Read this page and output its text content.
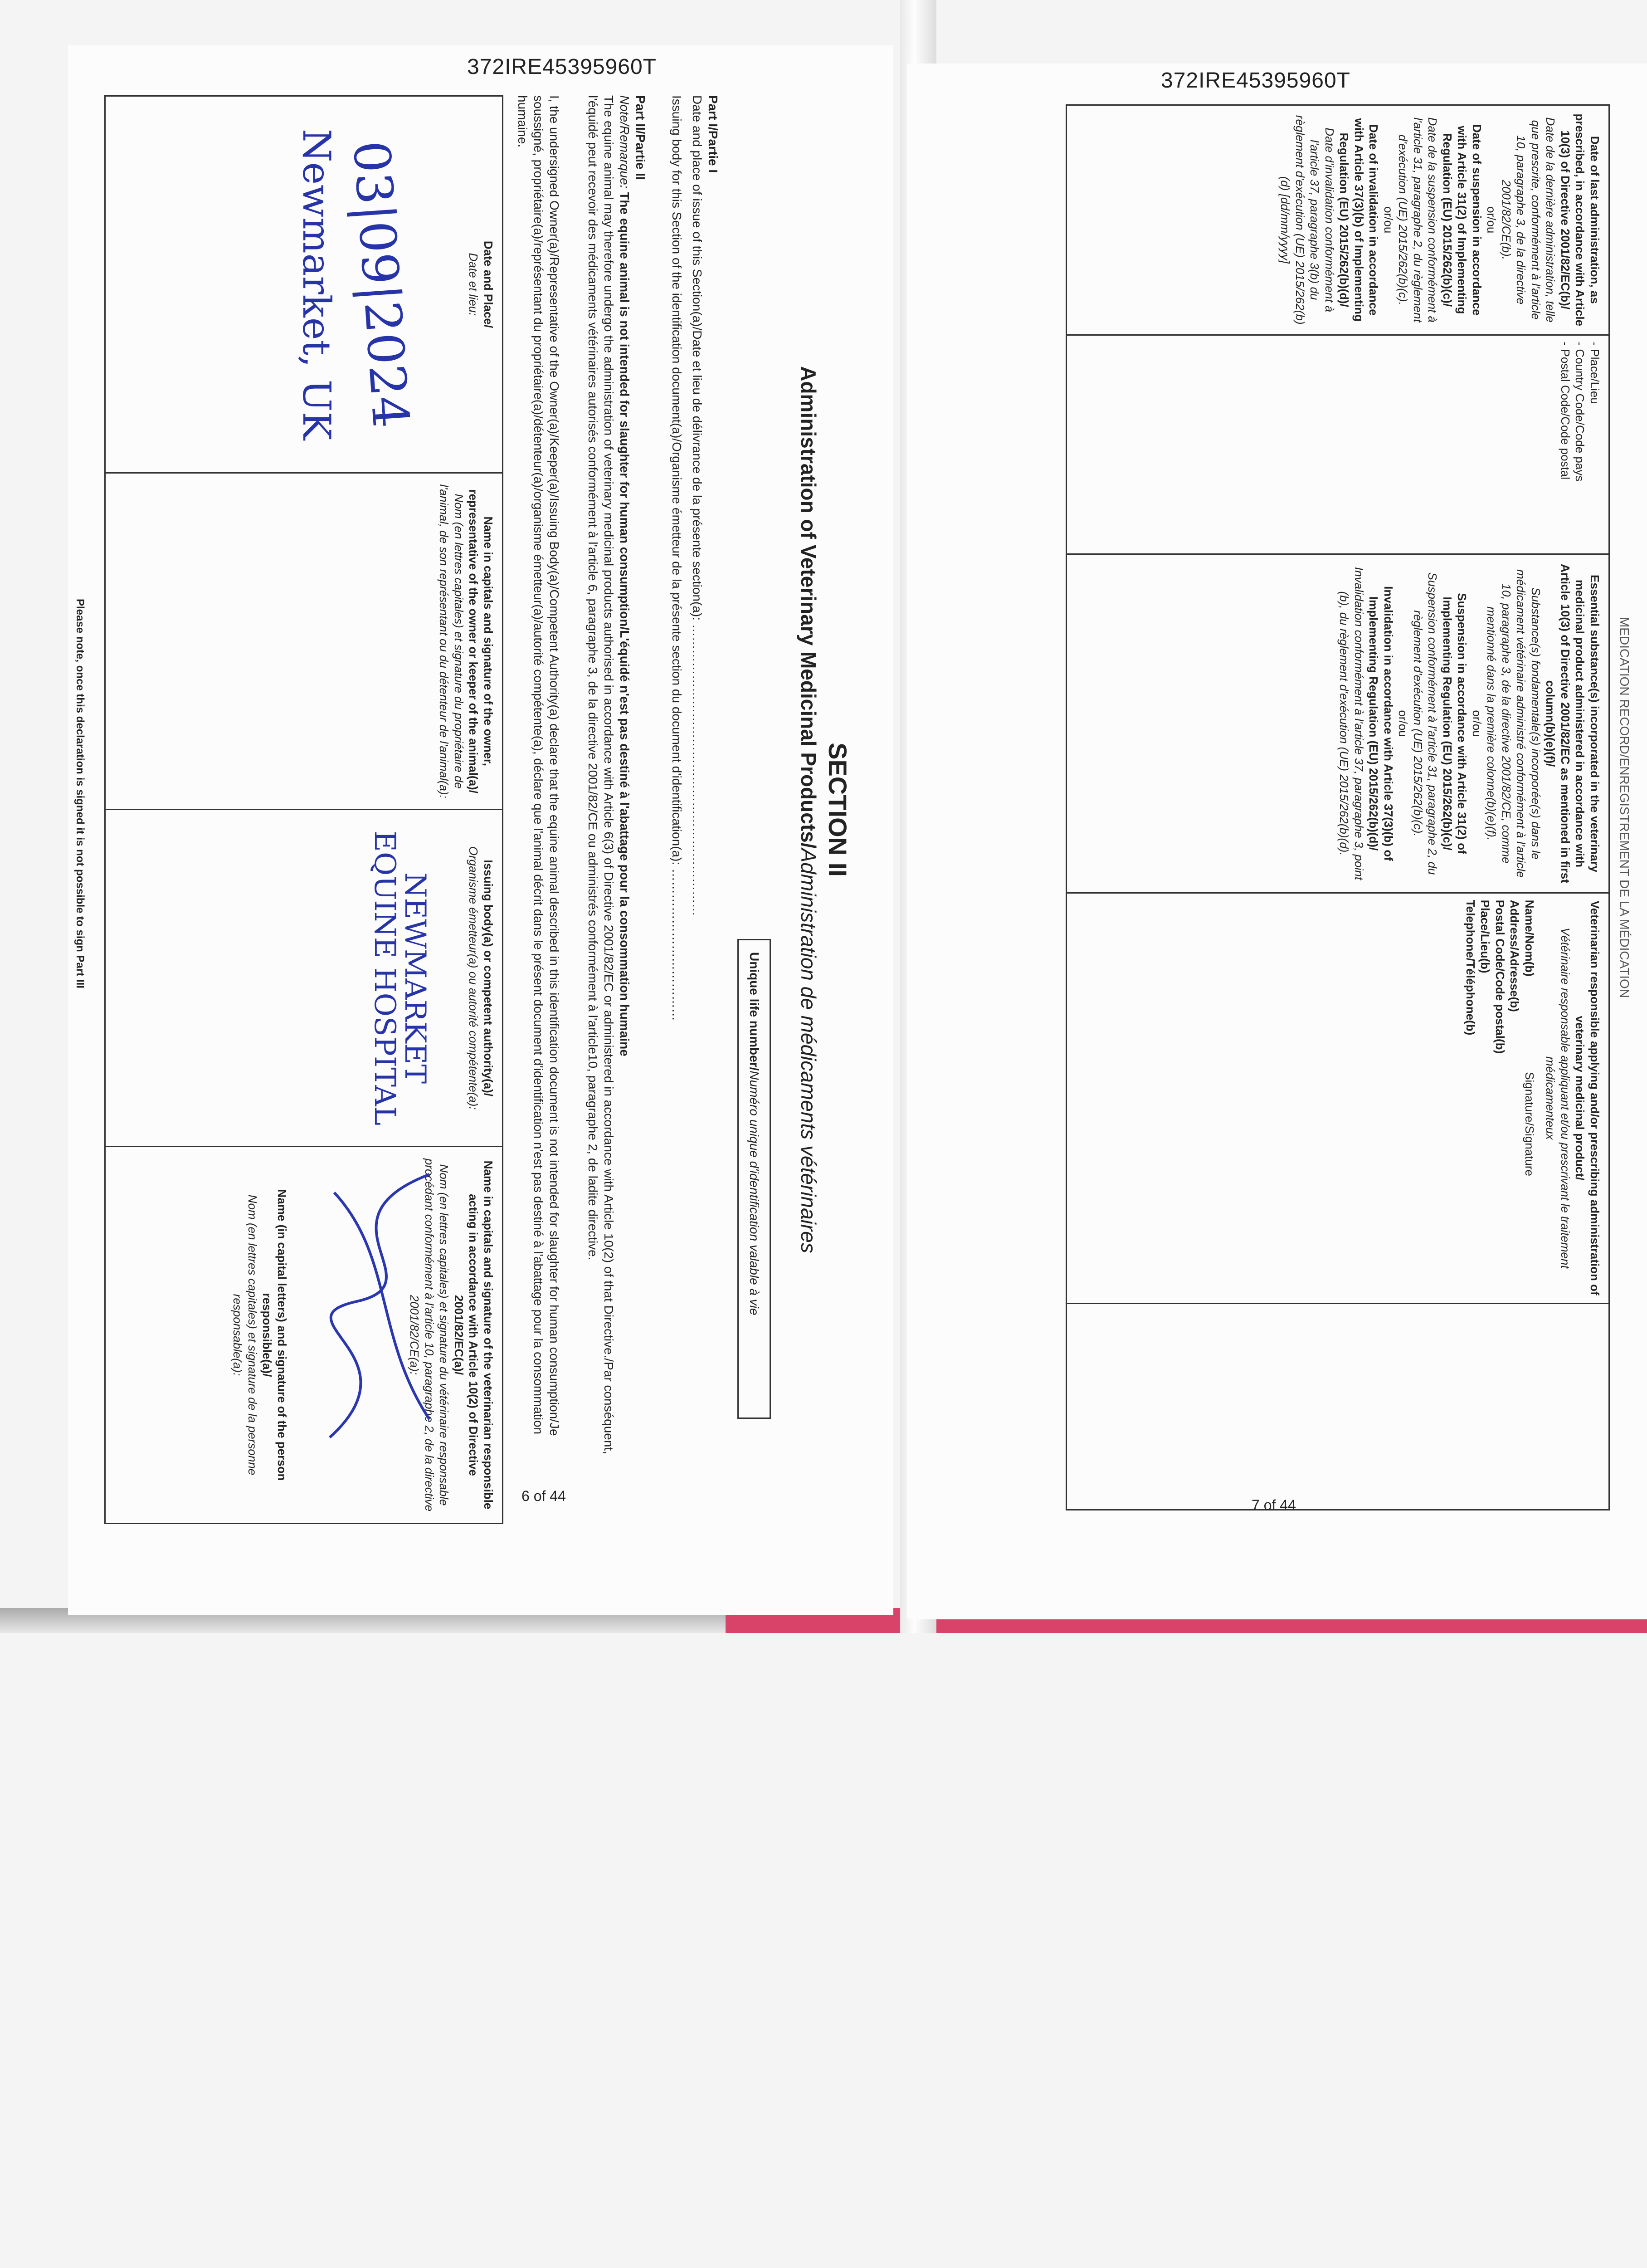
372IRE45395960T
SECTION II
Administration of Veterinary Medicinal Products/Administration de médicaments vétérinaires
Unique life number/Numéro unique d'identification valable à vie
Part I/Partie I
Date and place of issue of this Section(a)/Date et lieu de délivrance de la présente section(a): ……………………………………………………………
Issuing body for this Section of the identification document(a)/Organisme émetteur de la présente section du document d'identification(a): ………………………………
Part II/Partie II
Note/Remarque: The equine animal is not intended for slaughter for human consumption/L'équidé n'est pas destiné à l'abattage pour la consommation humaine
The equine animal may therefore undergo the administration of veterinary medicinal products authorised in accordance with Article 6(3) of Directive 2001/82/EC or administered in accordance with Article 10(2) of that Directive./Par conséquent, l'équidé peut recevoir des médicaments vétérinaires autorisés conformément à l'article 6, paragraphe 3, de la directive 2001/82/CE ou administrés conformément à l'article10, paragraphe 2, de ladite directive.
I, the undersigned Owner(a)/Representative of the Owner(a)/Keeper(a)/Issuing Body(a)/Competent Authority(a) declare that the equine animal described in this identification document is not intended for slaughter for human consumption/Je soussigné, propriétaire(a)/représentant du propriétaire(a)/détenteur(a)/organisme émetteur(a)/autorité compétente(a), déclare que l'animal décrit dans le présent document d'identification n'est pas destiné à l'abattage pour la consommation humaine.
Date and Place/
Date et lieu:
03|09|2024
Newmarket, UK

Name in capitals and signature of the owner, representative of the owner or keeper of the animal(a)/
Nom (en lettres capitales) et signature du propriétaire de l'animal, de son représentant ou du détenteur de l'animal(a):

Issuing body(a) or competent authority(a)/
Organisme émetteur(a) ou autorité compétente(a):
NEWMARKET
EQUINE HOSPITAL

Name in capitals and signature of the veterinarian responsible acting in accordance with Article 10(2) of Directive 2001/82/EC(a)/
Nom (en lettres capitales) et signature du vétérinaire responsable procédant conformément à l'article 10, paragraphe 2, de la directive 2001/82/CE(a):
Name (in capital letters) and signature of the person responsible(a)/
Nom (en lettres capitales) et signature de la personne responsable(a):
Please note, once this declaration is signed it is not possible to sign Part III
6 of 44
372IRE45395960T
MEDICATION RECORD/ENREGISTREMENT DE LA MÉDICATION
Date of last administration, as prescribed, in accordance with Article 10(3) of Directive 2001/82/EC(b)/
Date de la dernière administration, telle que prescrite, conformément à l'article 10, paragraphe 3, de la directive 2001/82/CE(b).
or/ou
Date of suspension in accordance with Article 31(2) of Implementing Regulation (EU) 2015/262(b)(c)/
Date de la suspension conformément à l'article 31, paragraphe 2, du règlement d'exécution (UE) 2015/262(b)(c).
or/ou
Date of invalidation in accordance with Article 37(3)(b) of Implementing Regulation (EU) 2015/262(b)(d)/
Date d'invalidation conformément à l'article 37, paragraphe 3(b) du règlement d'exécution (UE) 2015/262(b)(d) [dd/mm/yyyy]

- Place/Lieu
- Country Code/Code pays
- Postal Code/Code postal

Essential substance(s) incorporated in the veterinary medicinal product administered in accordance with Article 10(3) of Directive 2001/82/EC as mentioned in first column(b)(e)(f)/
Substance(s) fondamentale(s) incorporée(s) dans le médicament vétérinaire administré conformément à l'article 10, paragraphe 3, de la directive 2001/82/CE, comme mentionné dans la première colonne(b)(e)(f).
or/ou
Suspension in accordance with Article 31(2) of Implementing Regulation (EU) 2015/262(b)(c)/
Suspension conformément à l'article 31, paragraphe 2, du règlement d'exécution (UE) 2015/262(b)(c).
or/ou
Invalidation in accordance with Article 37(3)(b) of Implementing Regulation (EU) 2015/262(b)(d)/
Invalidation conformément à l'article 37, paragraphe 3, point (b), du règlement d'exécution (UE) 2015/262(b)(d).

Veterinarian responsible applying and/or prescribing administration of veterinary medicinal product/
Vétérinaire responsable appliquant et/ou prescrivant le traitement médicamenteux
Name/Nom(b)
Address/Adresse(b)
Postal Code/Code postal(b)
Place/Lieu(b)
Telephone/Téléphone(b)
Signature/Signature

7 of 44
